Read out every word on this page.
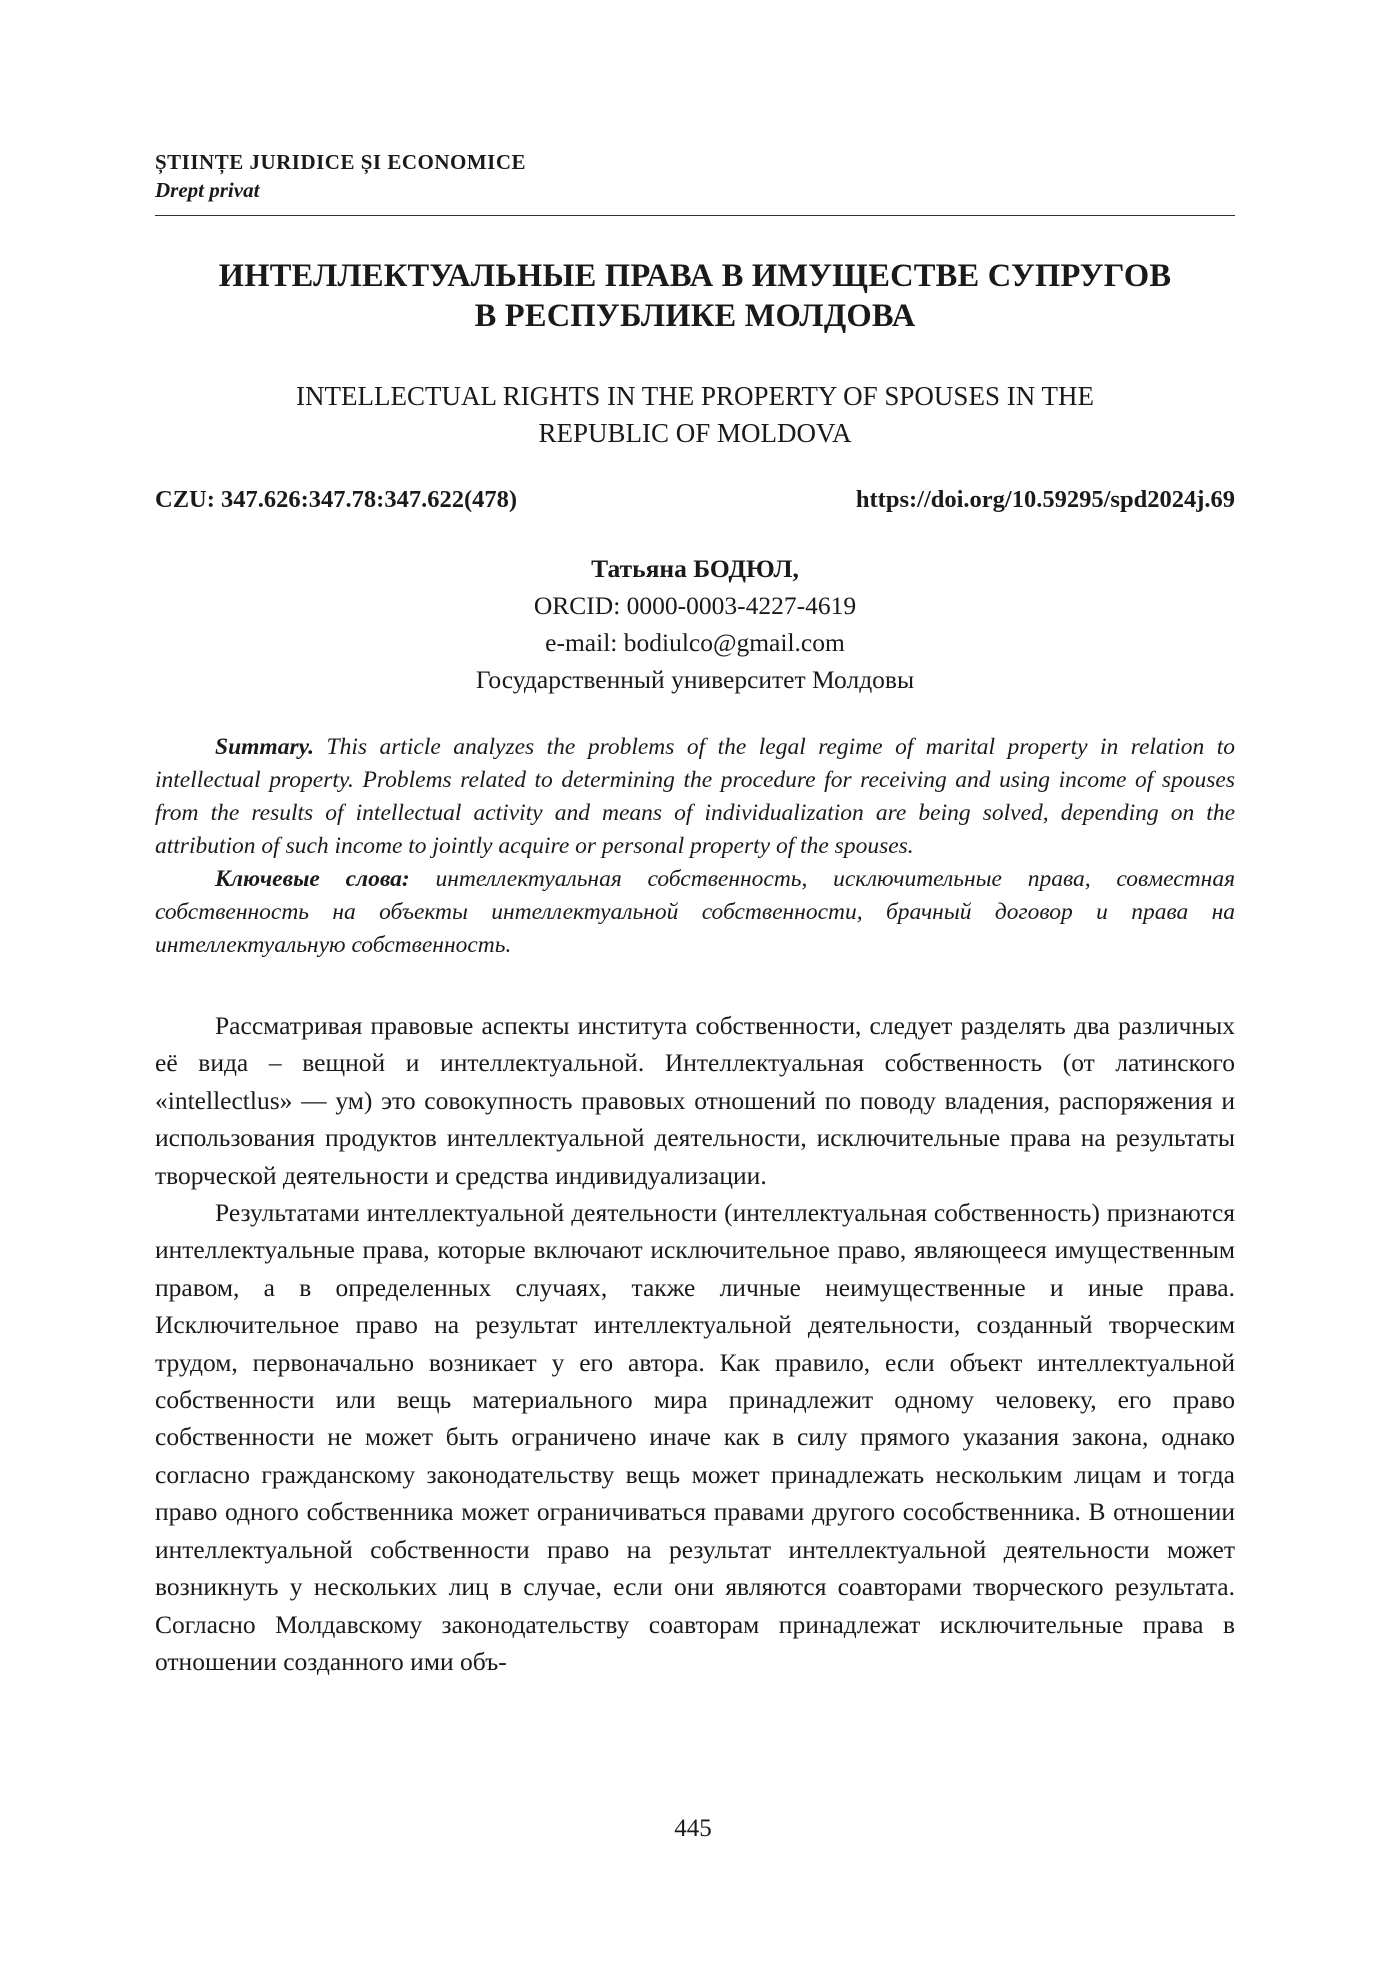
ȘTIINȚE JURIDICE ȘI ECONOMICE
Drept privat
ИНТЕЛЛЕКТУАЛЬНЫЕ ПРАВА В ИМУЩЕСТВЕ СУПРУГОВ
В РЕСПУБЛИКЕ МОЛДОВА
INTELLECTUAL RIGHTS IN THE PROPERTY OF SPOUSES IN THE
REPUBLIC OF MOLDOVA
CZU: 347.626:347.78:347.622(478)	https://doi.org/10.59295/spd2024j.69
Татьяна БОДЮЛ,
ORCID: 0000-0003-4227-4619
e-mail: bodiulco@gmail.com
Государственный университет Молдовы

Summary. This article analyzes the problems of the legal regime of marital property in relation to intellectual property. Problems related to determining the procedure for receiving and using income of spouses from the results of intellectual activity and means of individualization are being solved, depending on the attribution of such income to jointly acquire or personal property of the spouses.

Ключевые слова: интеллектуальная собственность, исключительные права, совместная собственность на объекты интеллектуальной собственности, брачный договор и права на интеллектуальную собственность.

Рассматривая правовые аспекты института собственности, следует разделять два различных её вида – вещной и интеллектуальной. Интеллектуальная собственность (от латинского «intellectlus» — ум) это совокупность правовых отношений по поводу владения, распоряжения и использования продуктов интеллектуальной деятельности, исключительные права на результаты творческой деятельности и средства индивидуализации.

Результатами интеллектуальной деятельности (интеллектуальная собственность) признаются интеллектуальные права, которые включают исключительное право, являющееся имущественным правом, а в определенных случаях, также личные неимущественные и иные права. Исключительное право на результат интеллектуальной деятельности, созданный творческим трудом, первоначально возникает у его автора. Как правило, если объект интеллектуальной собственности или вещь материального мира принадлежит одному человеку, его право собственности не может быть ограничено иначе как в силу прямого указания закона, однако согласно гражданскому законодательству вещь может принадлежать нескольким лицам и тогда право одного собственника может ограничиваться правами другого сособственника. В отношении интеллектуальной собственности право на результат интеллектуальной деятельности может возникнуть у нескольких лиц в случае, если они являются соавторами творческого результата. Согласно Молдавскому законодательству соавторам принадлежат исключительные права в отношении созданного ими объ-

445
